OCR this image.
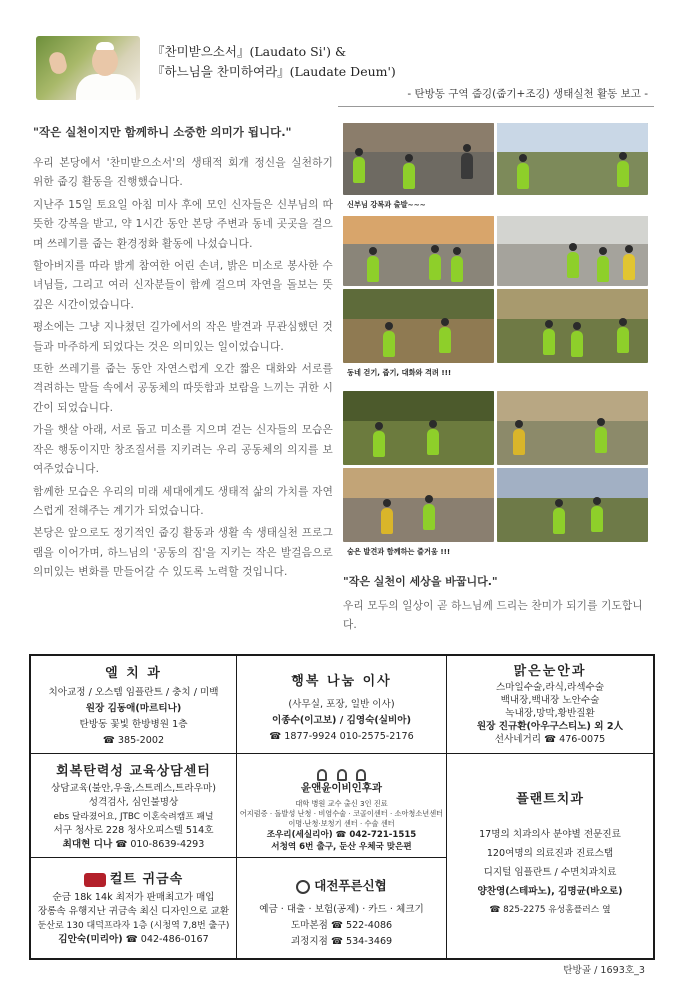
『찬미받으소서』(Laudato Si') &
『하느님을 찬미하여라』(Laudate Deum')
- 탄방동 구역 줍깅(줍기+조깅) 생태실천 활동 보고 -
"작은 실천이지만 함께하니 소중한 의미가 됩니다."

우리 본당에서 '찬미받으소서'의 생태적 회개 정신을 실천하기 위한 줍깅 활동을 진행했습니다.

지난주 15일 토요일 아침 미사 후에 모인 신자들은 신부님의 따뜻한 강복을 받고, 약 1시간 동안 본당 주변과 동네 곳곳을 걸으며 쓰레기를 줍는 환경정화 활동에 나섰습니다.

할아버지를 따라 밝게 참여한 어린 손녀, 밝은 미소로 봉사한 수녀님들, 그리고 여러 신자분들이 함께 걸으며 자연을 돌보는 뜻깊은 시간이었습니다.

평소에는 그냥 지나쳤던 길가에서의 작은 발견과 무관심했던 것들과 마주하게 되었다는 것은 의미있는 일이었습니다.

또한 쓰레기를 줍는 동안 자연스럽게 오간 짧은 대화와 서로를 격려하는 말들 속에서 공동체의 따뜻함과 보람을 느끼는 귀한 시간이 되었습니다.

가을 햇살 아래, 서로 돕고 미소를 지으며 걷는 신자들의 모습은 작은 행동이지만 창조질서를 지키려는 우리 공동체의 의지를 보여주었습니다.

함께한 모습은 우리의 미래 세대에게도 생태적 삶의 가치를 자연스럽게 전해주는 계기가 되었습니다.

본당은 앞으로도 정기적인 줍깅 활동과 생활 속 생태실천 프로그램을 이어가며, 하느님의 '공동의 집'을 지키는 작은 발걸음으로 의미있는 변화를 만들어갈 수 있도록 노력할 것입니다.

신부님 강복과 출발~~~
동네 걷기, 줍기, 대화와 격려 !!!
숨은 발견과 함께하는 즐거움 !!!
"작은 실천이 세상을 바꿉니다."
우리 모두의 일상이 곧 하느님께 드리는 찬미가 되기를 기도합니다.
엘 치 과
치아교정 / 오스템 임플란트 / 충치 / 미백
원장 김동애(마르티나)
탄방동 꽃빛 한방병원 1층
☎ 385-2002
행복 나눔 이사
(사무실, 포장, 일반 이사)
이종수(이고보) / 김영숙(실비아)
☎ 1877-9924 010-2575-2176
맑은눈안과
스마일수술,라식,라섹수술
백내장,백내장 노안수술
녹내장,망막,황반질환
원장 진규환(아우구스티노) 외 2人
선사네거리 ☎ 476-0075
회복탄력성 교육상담센터
상담교육(불안,우울,스트레스,트라우마)
성격검사, 심인불명상
ebs 달라졌어요, JTBC 이혼숙려캠프 패널
서구 청사로 228 청사오피스텔 514호
최대현 디나 ☎ 010-8639-4293

윤앤윤이비인후과
대학 병원 교수 출신 3인 진료
어지럼증 · 돌발성 난청 · 비염수술 · 코골이센터 · 소아청소년센터
이명·난청·보청기 센터 · 수술 센터
조우리(세실리아) ☎ 042-721-1515
서청역 6번 출구, 둔산 우체국 맞은편
플랜트치과
17명의 치과의사 분야별 전문진료
120여명의 의료진과 진료스탭
디지털 임플란트 / 수면치과치료
양찬영(스테파노), 김명균(바오로)
☎ 825-2275 유성홈플러스 옆
컬트 귀금속
순금 18k 14k 최저가 판매최고가 매입
장롱속 유행지난 귀금속 최신 디자인으로 교환
둔산로 130 대덕프라자 1층 (시청역 7,8번 출구)
김안숙(미리아) ☎ 042-486-0167
대전푸른신협
예금 · 대출 · 보험(공제) · 카드 · 체크기
도마본점 ☎ 522-4086
괴정지점 ☎ 534-3469
탄방골 / 1693호_3
